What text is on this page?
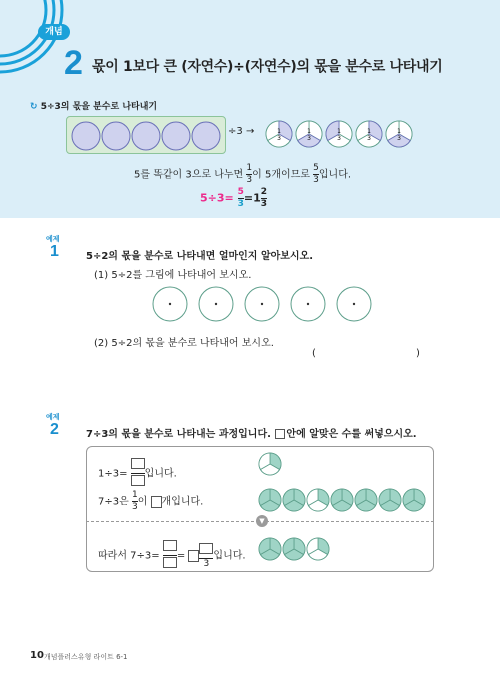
개념
2 몫이 1보다 큰 (자연수)÷(자연수)의 몫을 분수로 나타내기
↻ 5÷3의 몫을 분수로 나타내기
÷3 →	1
3
1
3
1
3
1
3
1
3
5를 똑같이 3으로 나누면 $\frac{1}{3}$ 이 5개이므로 $\frac{5}{3}$ 입니다.
$5\div 3= \frac{5}{3} =1 \frac{2}{3}$
예제
1	5÷2의 몫을 분수로 나타내면 얼마인지 알아보시오.
(1) 5÷2를 그림에 나타내어 보시오.
(2) 5÷2의 몫을 분수로 나타내어 보시오.
(	)
예제
2	7÷3의 몫을 분수로 나타내는 과정입니다. 안에 알맞은 수를 써넣으시오.
▼
1÷3= 입니다.
7÷3은 $\frac{1}{3}$ 이 개입니다.
따라서 7÷3= =
3
입니다.
10 개념플러스유형 라이트 6-1
